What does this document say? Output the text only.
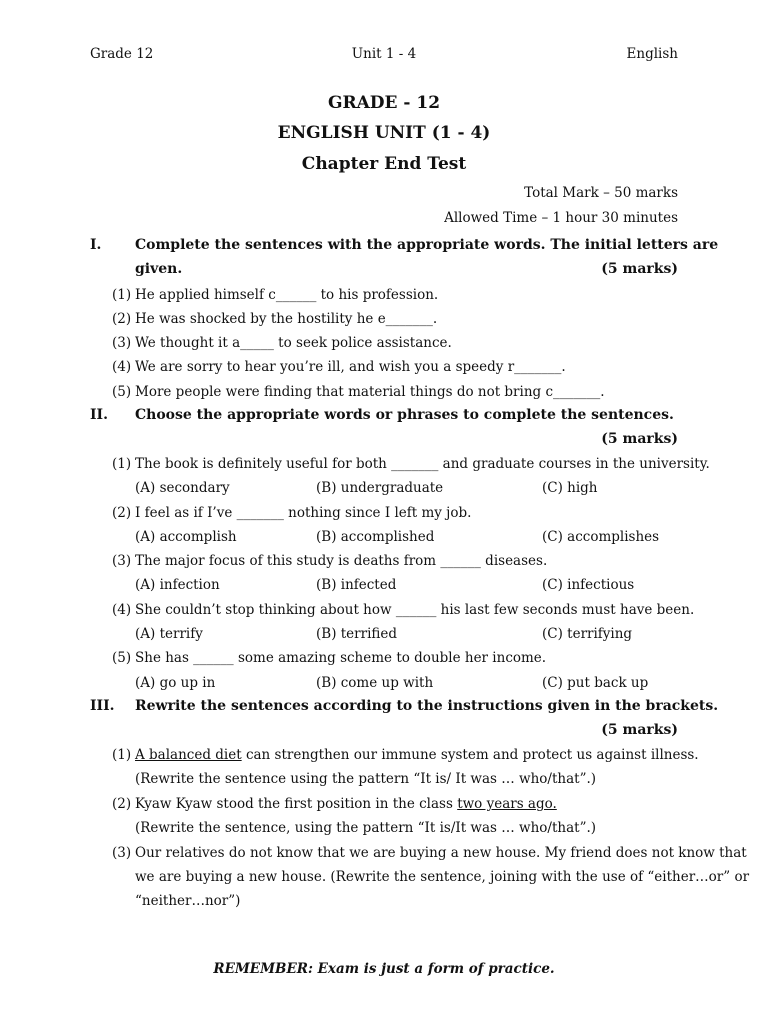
Grade 12	Unit 1 - 4	English
GRADE - 12
ENGLISH UNIT (1 - 4)
Chapter End Test
Total Mark – 50 marks
Allowed Time – 1 hour 30 minutes
I. Complete the sentences with the appropriate words. The initial letters are
given.	(5 marks)
(1) He applied himself c______ to his profession.
(2) He was shocked by the hostility he e_______.
(3) We thought it a_____ to seek police assistance.
(4) We are sorry to hear you’re ill, and wish you a speedy r_______.
(5) More people were finding that material things do not bring c_______.
II. Choose the appropriate words or phrases to complete the sentences.
(5 marks)
(1) The book is definitely useful for both _______ and graduate courses in the university.
(A) secondary	(B) undergraduate	(C) high
(2) I feel as if I’ve _______ nothing since I left my job.
(A) accomplish	(B) accomplished	(C) accomplishes
(3) The major focus of this study is deaths from ______ diseases.
(A) infection	(B) infected	(C) infectious
(4) She couldn’t stop thinking about how ______ his last few seconds must have been.
(A) terrify	(B) terrified	(C) terrifying
(5) She has ______ some amazing scheme to double her income.
(A) go up in	(B) come up with	(C) put back up
III. Rewrite the sentences according to the instructions given in the brackets.
(5 marks)
(1) A balanced diet can strengthen our immune system and protect us against illness.
(Rewrite the sentence using the pattern “It is/ It was … who/that”.)
(2) Kyaw Kyaw stood the first position in the class two years ago.
(Rewrite the sentence, using the pattern “It is/It was … who/that”.)
(3) Our relatives do not know that we are buying a new house. My friend does not know that
we are buying a new house. (Rewrite the sentence, joining with the use of “either…or” or
“neither…nor”)
REMEMBER: Exam is just a form of practice.
